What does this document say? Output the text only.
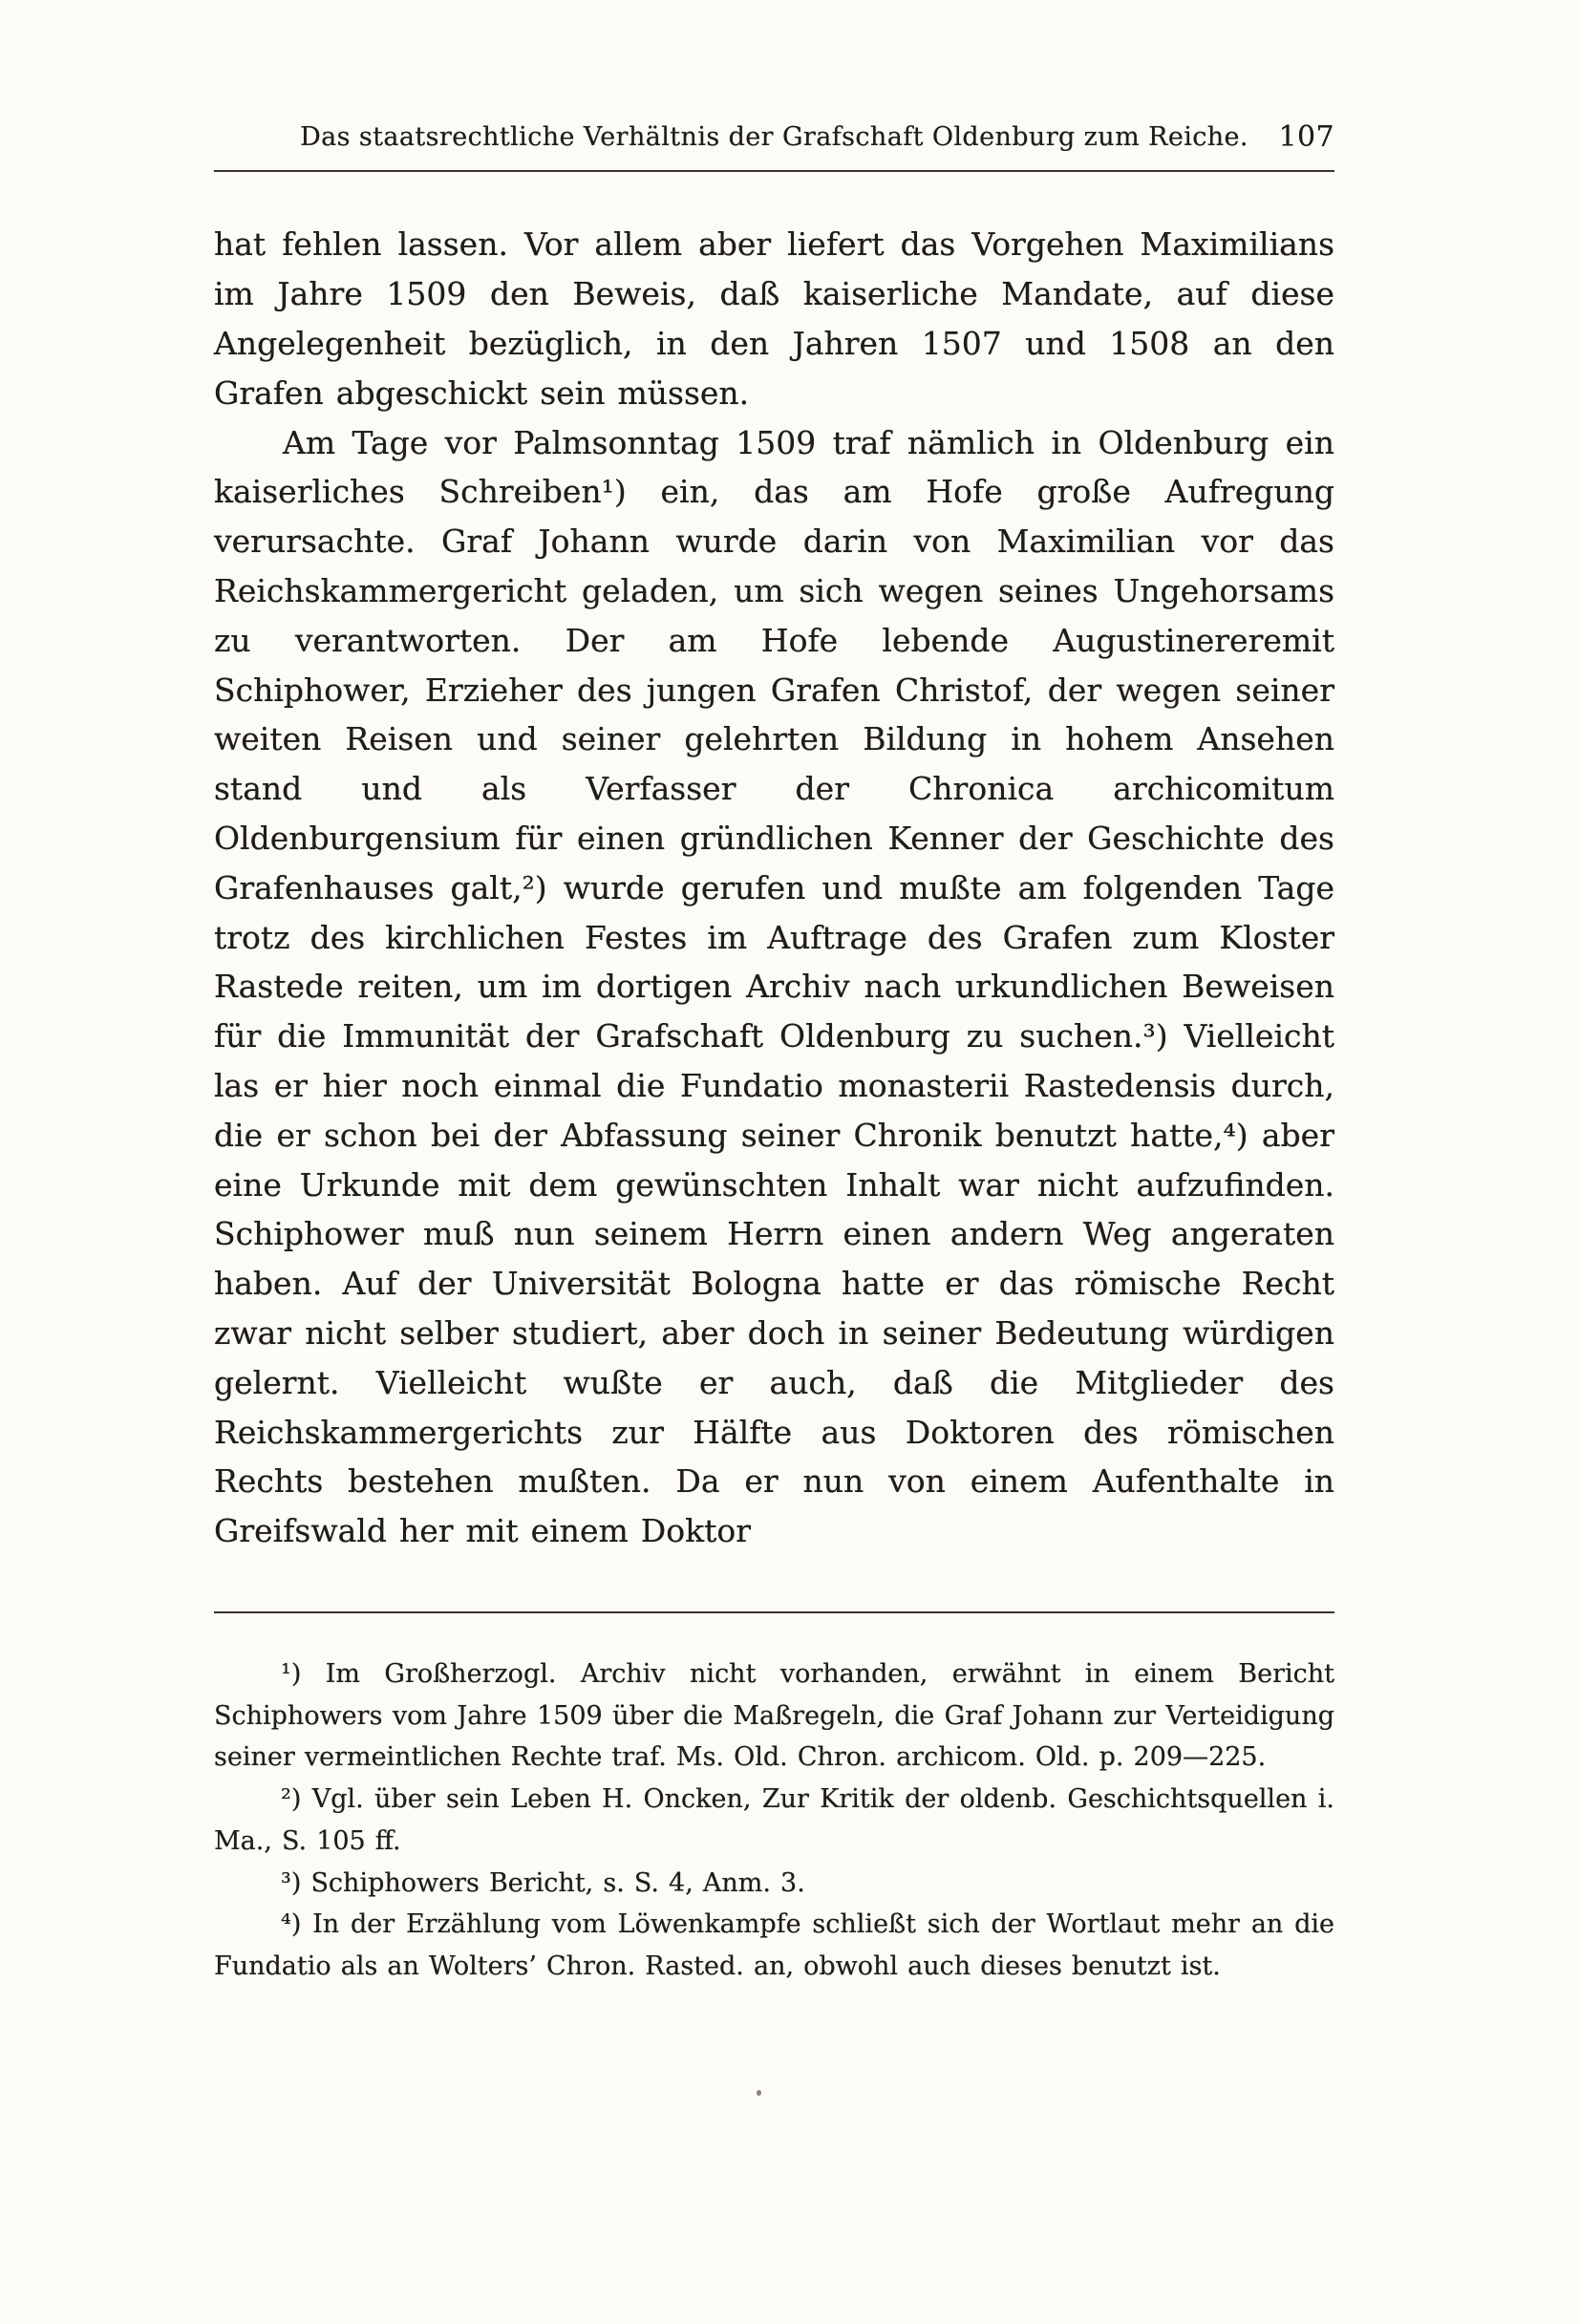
Das staatsrechtliche Verhältnis der Grafschaft Oldenburg zum Reiche. 107

hat fehlen lassen. Vor allem aber liefert das Vorgehen Maximilians im Jahre 1509 den Beweis, daß kaiserliche Mandate, auf diese Angelegenheit bezüglich, in den Jahren 1507 und 1508 an den Grafen abgeschickt sein müssen.

Am Tage vor Palmsonntag 1509 traf nämlich in Oldenburg ein kaiserliches Schreiben¹) ein, das am Hofe große Aufregung verursachte. Graf Johann wurde darin von Maximilian vor das Reichskammergericht geladen, um sich wegen seines Ungehorsams zu verantworten. Der am Hofe lebende Augustinereremit Schiphower, Erzieher des jungen Grafen Christof, der wegen seiner weiten Reisen und seiner gelehrten Bildung in hohem Ansehen stand und als Verfasser der Chronica archicomitum Oldenburgensium für einen gründlichen Kenner der Geschichte des Grafenhauses galt,²) wurde gerufen und mußte am folgenden Tage trotz des kirchlichen Festes im Auftrage des Grafen zum Kloster Rastede reiten, um im dortigen Archiv nach urkundlichen Beweisen für die Immunität der Grafschaft Oldenburg zu suchen.³) Vielleicht las er hier noch einmal die Fundatio monasterii Rastedensis durch, die er schon bei der Abfassung seiner Chronik benutzt hatte,⁴) aber eine Urkunde mit dem gewünschten Inhalt war nicht aufzufinden. Schiphower muß nun seinem Herrn einen andern Weg angeraten haben. Auf der Universität Bologna hatte er das römische Recht zwar nicht selber studiert, aber doch in seiner Bedeutung würdigen gelernt. Vielleicht wußte er auch, daß die Mitglieder des Reichskammergerichts zur Hälfte aus Doktoren des römischen Rechts bestehen mußten. Da er nun von einem Aufenthalte in Greifswald her mit einem Doktor

¹) Im Großherzogl. Archiv nicht vorhanden, erwähnt in einem Bericht Schiphowers vom Jahre 1509 über die Maßregeln, die Graf Johann zur Verteidigung seiner vermeintlichen Rechte traf. Ms. Old. Chron. archicom. Old. p. 209—225.

²) Vgl. über sein Leben H. Oncken, Zur Kritik der oldenb. Geschichtsquellen i. Ma., S. 105 ff.

³) Schiphowers Bericht, s. S. 4, Anm. 3.

⁴) In der Erzählung vom Löwenkampfe schließt sich der Wortlaut mehr an die Fundatio als an Wolters’ Chron. Rasted. an, obwohl auch dieses benutzt ist.
